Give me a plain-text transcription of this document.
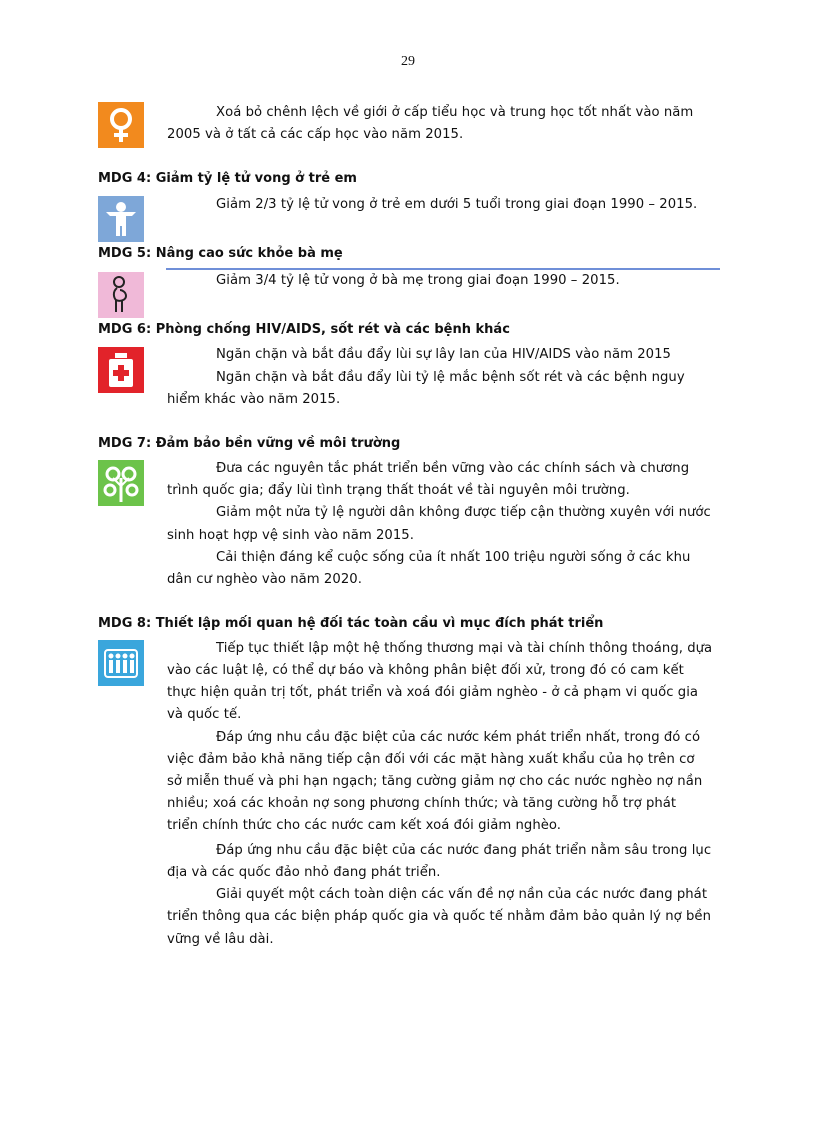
29
Xoá bỏ chênh lệch về giới ở cấp tiểu học và trung học tốt nhất vào năm
2005 và ở tất cả các cấp học vào năm 2015.
MDG 4: Giảm tỷ lệ tử vong ở trẻ em
Giảm 2/3 tỷ lệ tử vong ở trẻ em dưới 5 tuổi trong giai đoạn 1990 – 2015.
MDG 5: Nâng cao sức khỏe bà mẹ
Giảm 3/4 tỷ lệ tử vong ở bà mẹ trong giai đoạn 1990 – 2015.
MDG 6: Phòng chống HIV/AIDS, sốt rét và các bệnh khác
Ngăn chặn và bắt đầu đẩy lùi sự lây lan của HIV/AIDS vào năm 2015
Ngăn chặn và bắt đầu đẩy lùi tỷ lệ mắc bệnh sốt rét và các bệnh nguy
hiểm khác vào năm 2015.
MDG 7: Đảm bảo bền vững về môi trường
Đưa các nguyên tắc phát triển bền vững vào các chính sách và chương
trình quốc gia; đẩy lùi tình trạng thất thoát về tài nguyên môi trường.
Giảm một nửa tỷ lệ người dân không được tiếp cận thường xuyên với nước
sinh hoạt hợp vệ sinh vào năm 2015.
Cải thiện đáng kể cuộc sống của ít nhất 100 triệu người sống ở các khu
dân cư nghèo vào năm 2020.
MDG 8: Thiết lập mối quan hệ đối tác toàn cầu vì mục đích phát triển
Tiếp tục thiết lập một hệ thống thương mại và tài chính thông thoáng, dựa
vào các luật lệ, có thể dự báo và không phân biệt đối xử, trong đó có cam kết
thực hiện quản trị tốt, phát triển và xoá đói giảm nghèo - ở cả phạm vi quốc gia
và quốc tế.
Đáp ứng nhu cầu đặc biệt của các nước kém phát triển nhất, trong đó có
việc đảm bảo khả năng tiếp cận đối với các mặt hàng xuất khẩu của họ trên cơ
sở miễn thuế và phi hạn ngạch; tăng cường giảm nợ cho các nước nghèo nợ nần
nhiều; xoá các khoản nợ song phương chính thức; và tăng cường hỗ trợ phát
triển chính thức cho các nước cam kết xoá đói giảm nghèo.
Đáp ứng nhu cầu đặc biệt của các nước đang phát triển nằm sâu trong lục
địa và các quốc đảo nhỏ đang phát triển.
Giải quyết một cách toàn diện các vấn đề nợ nần của các nước đang phát
triển thông qua các biện pháp quốc gia và quốc tế nhằm đảm bảo quản lý nợ bền
vững về lâu dài.
